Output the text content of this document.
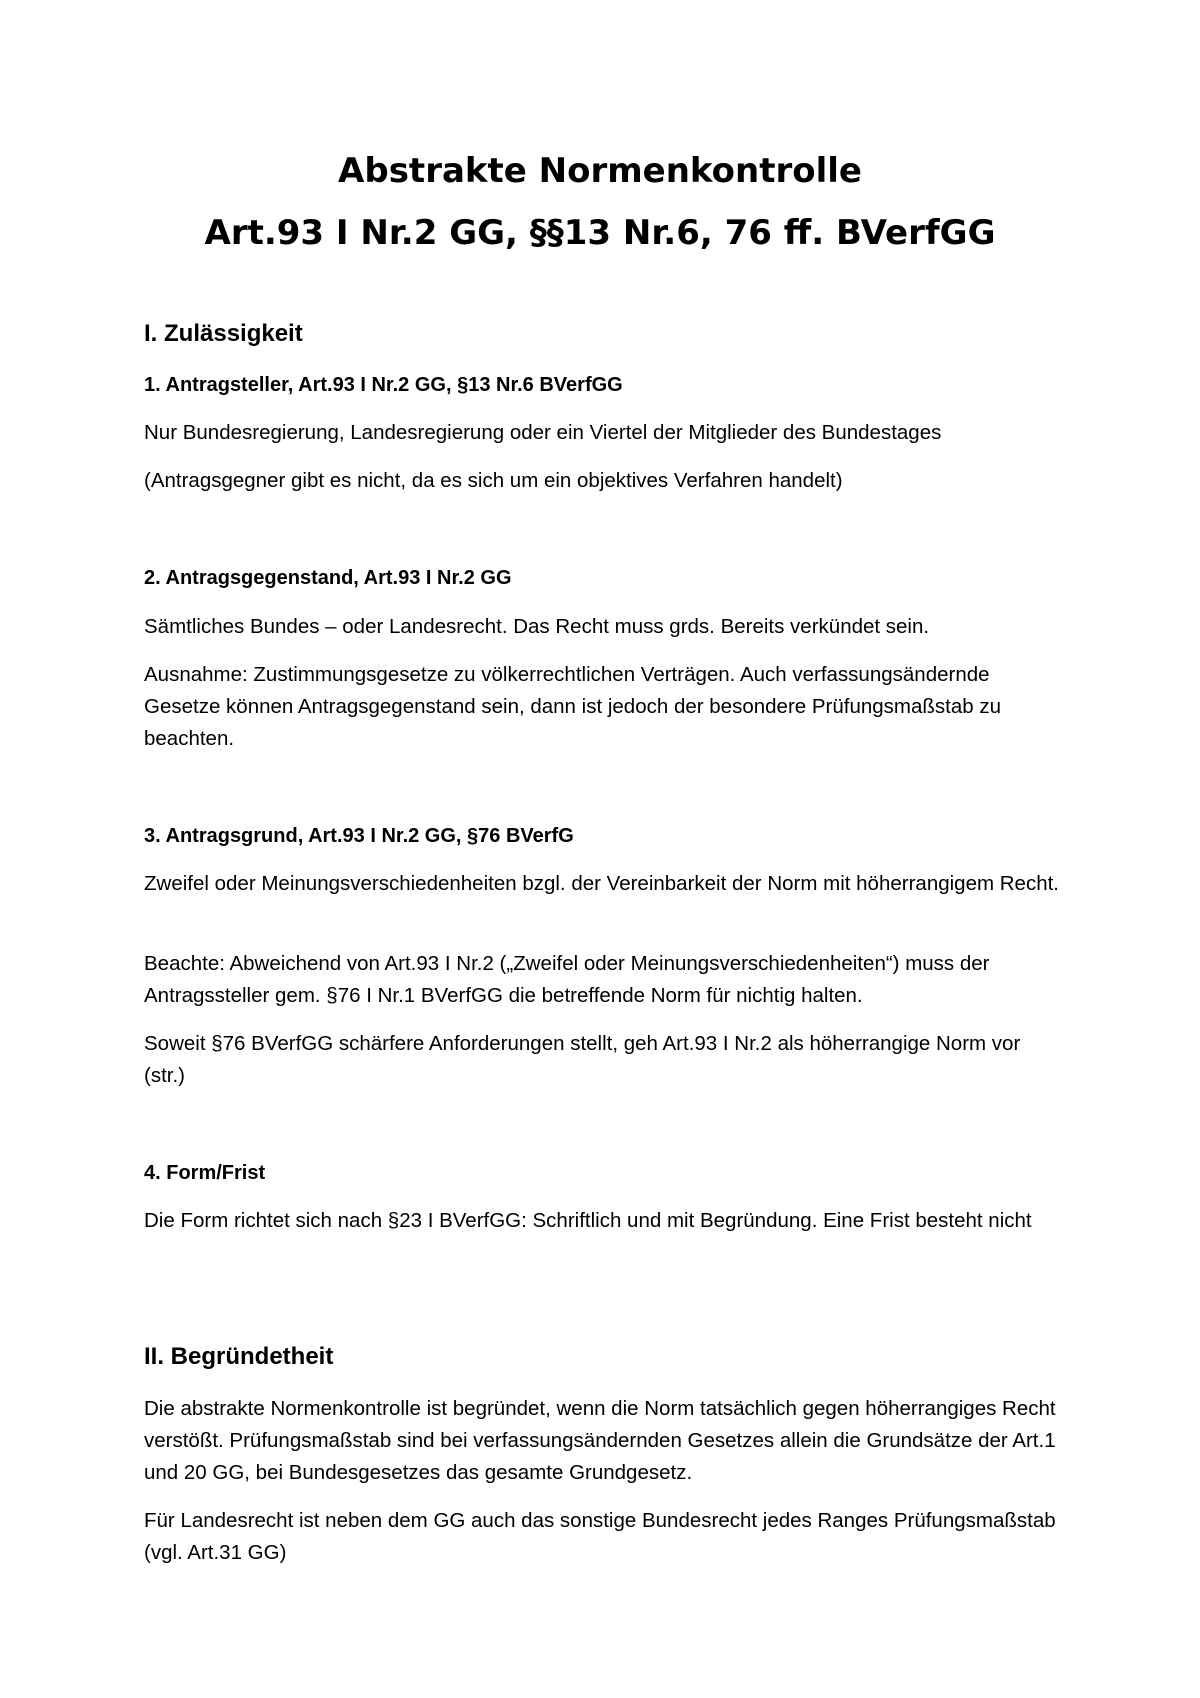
Abstrakte Normenkontrolle
Art.93 I Nr.2 GG, §§13 Nr.6, 76 ff. BVerfGG
I. Zulässigkeit
1. Antragsteller, Art.93 I Nr.2 GG, §13 Nr.6 BVerfGG
Nur Bundesregierung, Landesregierung oder ein Viertel der Mitglieder des Bundestages
(Antragsgegner gibt es nicht, da es sich um ein objektives Verfahren handelt)
2. Antragsgegenstand, Art.93 I Nr.2 GG
Sämtliches Bundes – oder Landesrecht. Das Recht muss grds. Bereits verkündet sein.
Ausnahme: Zustimmungsgesetze zu völkerrechtlichen Verträgen. Auch verfassungsändernde Gesetze können Antragsgegenstand sein, dann ist jedoch der besondere Prüfungsmaßstab zu beachten.
3. Antragsgrund, Art.93 I Nr.2 GG, §76 BVerfG
Zweifel oder Meinungsverschiedenheiten bzgl. der Vereinbarkeit der Norm mit höherrangigem Recht.
Beachte: Abweichend von Art.93 I Nr.2 („Zweifel oder Meinungsverschiedenheiten“) muss der Antragssteller gem. §76 I Nr.1 BVerfGG die betreffende Norm für nichtig halten.
Soweit §76 BVerfGG schärfere Anforderungen stellt, geh Art.93 I Nr.2 als höherrangige Norm vor (str.)
4. Form/Frist
Die Form richtet sich nach §23 I BVerfGG: Schriftlich und mit Begründung. Eine Frist besteht nicht
II. Begründetheit
Die abstrakte Normenkontrolle ist begründet, wenn die Norm tatsächlich gegen höherrangiges Recht verstößt. Prüfungsmaßstab sind bei verfassungsändernden Gesetzes allein die Grundsätze der Art.1 und 20 GG, bei Bundesgesetzes das gesamte Grundgesetz.
Für Landesrecht ist neben dem GG auch das sonstige Bundesrecht jedes Ranges Prüfungsmaßstab (vgl. Art.31 GG)
